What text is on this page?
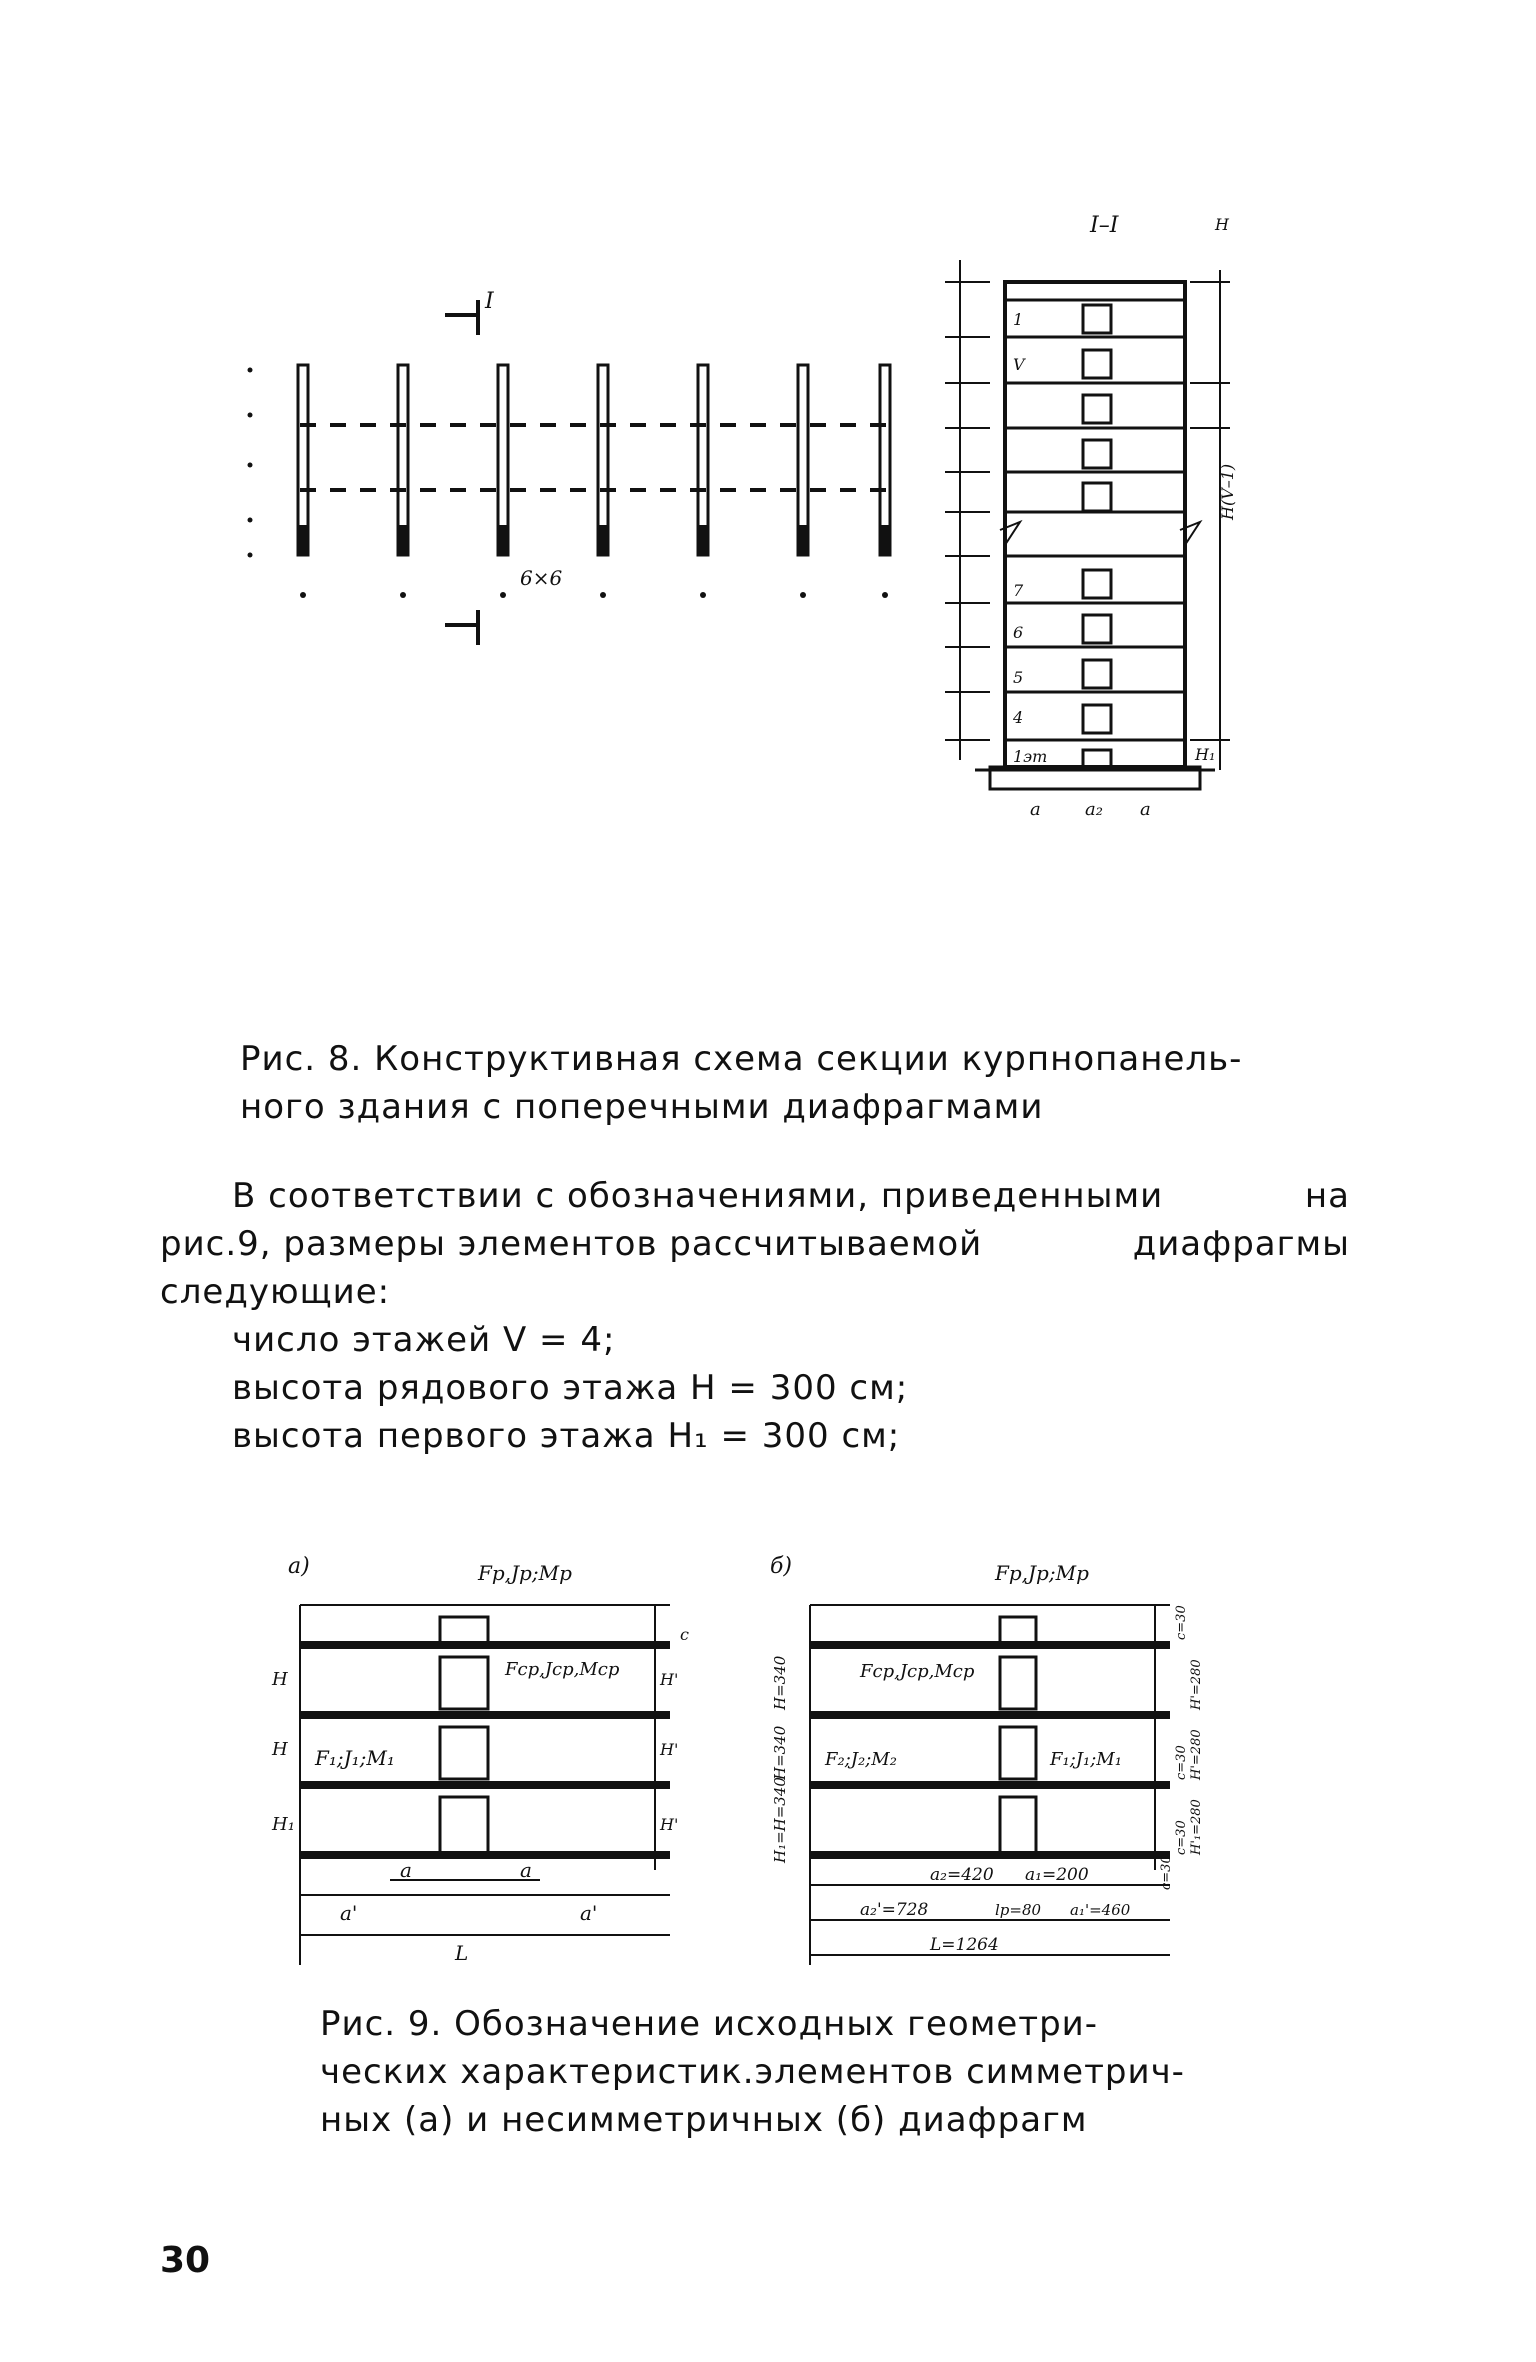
I
6×6
I–I	Н
1
V
7
6
5
4
1эт
H(V–1)
H₁
a a₂ a
Рис. 8. Конструктивная схема секции курпнопанель-
ного здания с поперечными диафрагмами
В соответствии с обозначениями, приведенными	на
рис.9, размеры элементов рассчитываемой	диафрагмы
следующие:
число этажей V = 4;
высота рядового этажа Н = 300 см;
высота первого этажа Н₁ = 300 см;
а)	Fp,Jp;Mp
Fcp,Jcp,Mcp
F₁;J₁;M₁
H
H
H₁
H'
H'
H'
c
a	a
a'	a'
L
б)	Fp,Jp;Mp
Fcp,Jcp,Mcp
F₂;J₂;M₂	F₁;J₁;M₁
H=340
H=340
H₁=H=340
c=30
H'=280
c=30 H'=280
c=30 H'₁=280
c=30
a₂=420 a₁=200
a₂'=728	lp=80 a₁'=460
L=1264
Рис. 9. Обозначение исходных геометри-
ческих характеристик.элементов симметрич-
ных (а) и несимметричных (б) диафрагм
30
